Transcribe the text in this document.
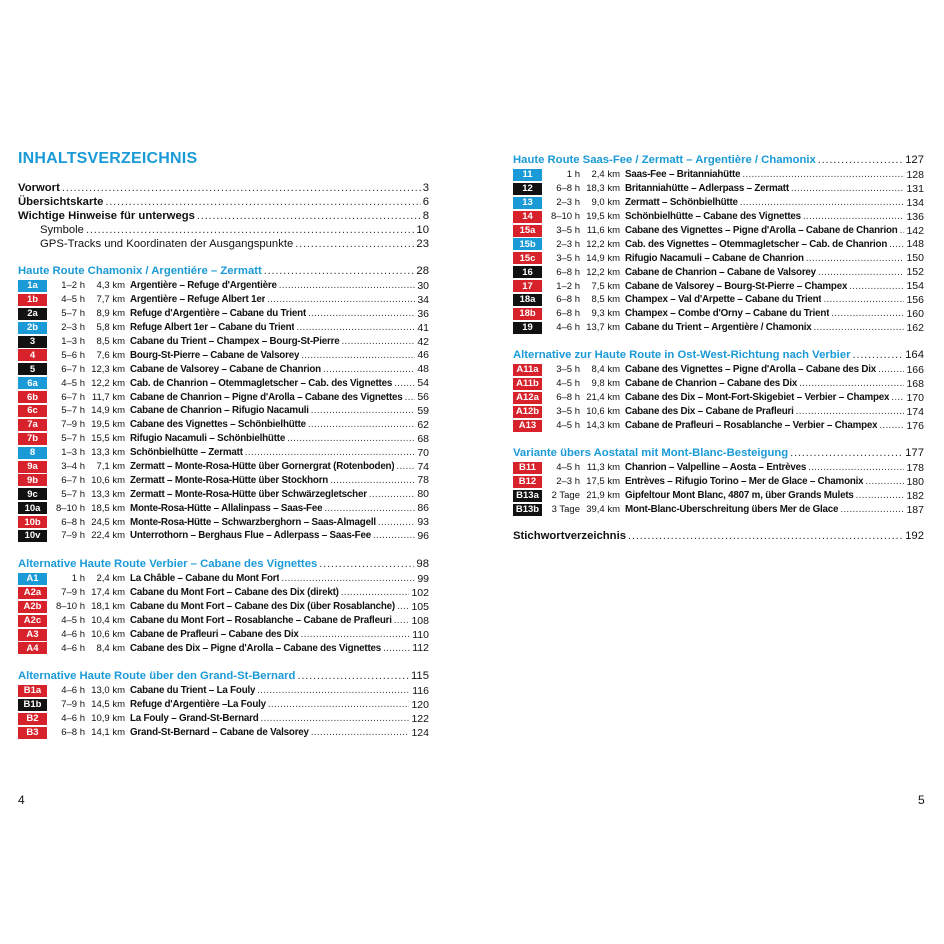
INHALTSVERZEICHNIS
Vorwort . . .	3
Übersichtskarte . . .	6
Wichtige Hinweise für unterwegs . . .	8
Symbole . . .	10
GPS-Tracks und Koordinaten der Ausgangspunkte . . .	23
Haute Route Chamonix / Argentiére – Zermatt . . .	28
1a	1–2 h	4,3 km Argentière – Refuge d'Argentière . . .	30
1b	4–5 h	7,7 km Argentière – Refuge Albert 1er . . .	34
2a	5–7 h	8,9 km Refuge d'Argentière – Cabane du Trient . . .	36
2b	2–3 h	5,8 km Refuge Albert 1er – Cabane du Trient . . .	41
3	1–3 h	8,5 km Cabane du Trient – Champex – Bourg-St-Pierre . . .	42
4	5–6 h	7,6 km Bourg-St-Pierre – Cabane de Valsorey . . .	46
5	6–7 h 12,3 km Cabane de Valsorey – Cabane de Chanrion . . .	48
6a	4–5 h 12,2 km Cab. de Chanrion – Otemmagletscher – Cab. des Vignettes . . . 54
6b	6–7 h 11,7 km Cabane de Chanrion – Pigne d'Arolla – Cabane des Vignettes . . . 56
6c	5–7 h 14,9 km Cabane de Chanrion – Rifugio Nacamuli . . .	59
7a	7–9 h 19,5 km Cabane des Vignettes – Schönbielhütte . . .	62
7b	5–7 h 15,5 km Rifugio Nacamuli – Schönbielhütte . . .	68
8	1–3 h 13,3 km Schönbielhütte – Zermatt . . .	70
9a	3–4 h	7,1 km Zermatt – Monte-Rosa-Hütte über Gornergrat (Rotenboden) . . . 74
9b	6–7 h 10,6 km Zermatt – Monte-Rosa-Hütte über Stockhorn . . .	78
9c	5–7 h 13,3 km Zermatt – Monte-Rosa-Hütte über Schwärzegletscher . . .	80
10a	8–10 h 18,5 km Monte-Rosa-Hütte – Allalinpass – Saas-Fee . . .	86
10b	6–8 h 24,5 km Monte-Rosa-Hütte – Schwarzberghorn – Saas-Almagell . . .	93
10v	7–9 h 22,4 km Unterrothorn – Berghaus Flue – Adlerpass – Saas-Fee . . .	96
Alternative Haute Route Verbier – Cabane des Vignettes . . .	98
A1	1 h	2,4 km La Châble – Cabane du Mont Fort . . .	99
A2a	7–9 h 17,4 km Cabane du Mont Fort – Cabane des Dix (direkt) . . .	102
A2b	8–10 h 18,1 km Cabane du Mont Fort – Cabane des Dix (über Rosablanche) . . . 105
A2c	4–5 h 10,4 km Cabane du Mont Fort – Rosablanche – Cabane de Prafleuri . . . 108
A3	4–6 h 10,6 km Cabane de Prafleuri – Cabane des Dix . . .	110
A4	4–6 h	8,4 km Cabane des Dix – Pigne d'Arolla – Cabane des Vignettes . . .	112
Alternative Haute Route über den Grand-St-Bernard . . .	115
B1a	4–6 h 13,0 km Cabane du Trient – La Fouly . . .	116
B1b	7–9 h 14,5 km Refuge d'Argentière –La Fouly . . .	120
B2	4–6 h 10,9 km La Fouly – Grand-St-Bernard . . .	122
B3	6–8 h 14,1 km Grand-St-Bernard – Cabane de Valsorey . . .	124
Stichwortverzeichnis . . .	192
Haute Route Saas-Fee / Zermatt – Argentière / Chamonix . . .	127
11	1 h	2,4 km Saas-Fee – Britanniahütte . . .	128
12	6–8 h 18,3 km Britanniahütte – Adlerpass – Zermatt . . .	131
13	2–3 h	9,0 km Zermatt – Schönbielhütte . . .	134
14	8–10 h 19,5 km Schönbielhütte – Cabane des Vignettes . . .	136
15a	3–5 h 11,6 km Cabane des Vignettes – Pigne d'Arolla – Cabane de Chanrion . . . 142
15b	2–3 h 12,2 km Cab. des Vignettes – Otemmagletscher – Cab. de Chanrion . . . 148
15c	3–5 h 14,9 km Rifugio Nacamuli – Cabane de Chanrion . . .	150
16	6–8 h 12,2 km Cabane de Chanrion – Cabane de Valsorey . . .	152
17	1–2 h	7,5 km Cabane de Valsorey – Bourg-St-Pierre – Champex . . .	154
18a	6–8 h	8,5 km Champex – Val d'Arpette – Cabane du Trient . . .	156
18b	6–8 h	9,3 km Champex – Combe d'Orny – Cabane du Trient . . .	160
19	4–6 h 13,7 km Cabane du Trient – Argentière / Chamonix . . .	162
Alternative zur Haute Route in Ost-West-Richtung nach Verbier . . .	164
A11a	3–5 h	8,4 km Cabane des Vignettes – Pigne d'Arolla – Cabane des Dix . . .	166
A11b	4–5 h	9,8 km Cabane de Chanrion – Cabane des Dix . . .	168
A12a	6–8 h 21,4 km Cabane des Dix – Mont-Fort-Skigebiet – Verbier – Champex . . . 170
A12b	3–5 h 10,6 km Cabane des Dix – Cabane de Prafleuri . . .	174
A13	4–5 h 14,3 km Cabane de Prafleuri – Rosablanche – Verbier – Champex . . .	176
Variante übers Aostatal mit Mont-Blanc-Besteigung . . .	177
B11	4–5 h 11,3 km Chanrion – Valpelline – Aosta – Entrèves . . .	178
B12	2–3 h 17,5 km Entrèves – Rifugio Torino – Mer de Glace – Chamonix . . .	180
B13a	2 Tage 21,9 km Gipfeltour Mont Blanc, 4807 m, über Grands Mulets . . .	182
B13b	3 Tage 39,4 km Mont-Blanc-Überschreitung übers Mer de Glace . . .	187
4	5
